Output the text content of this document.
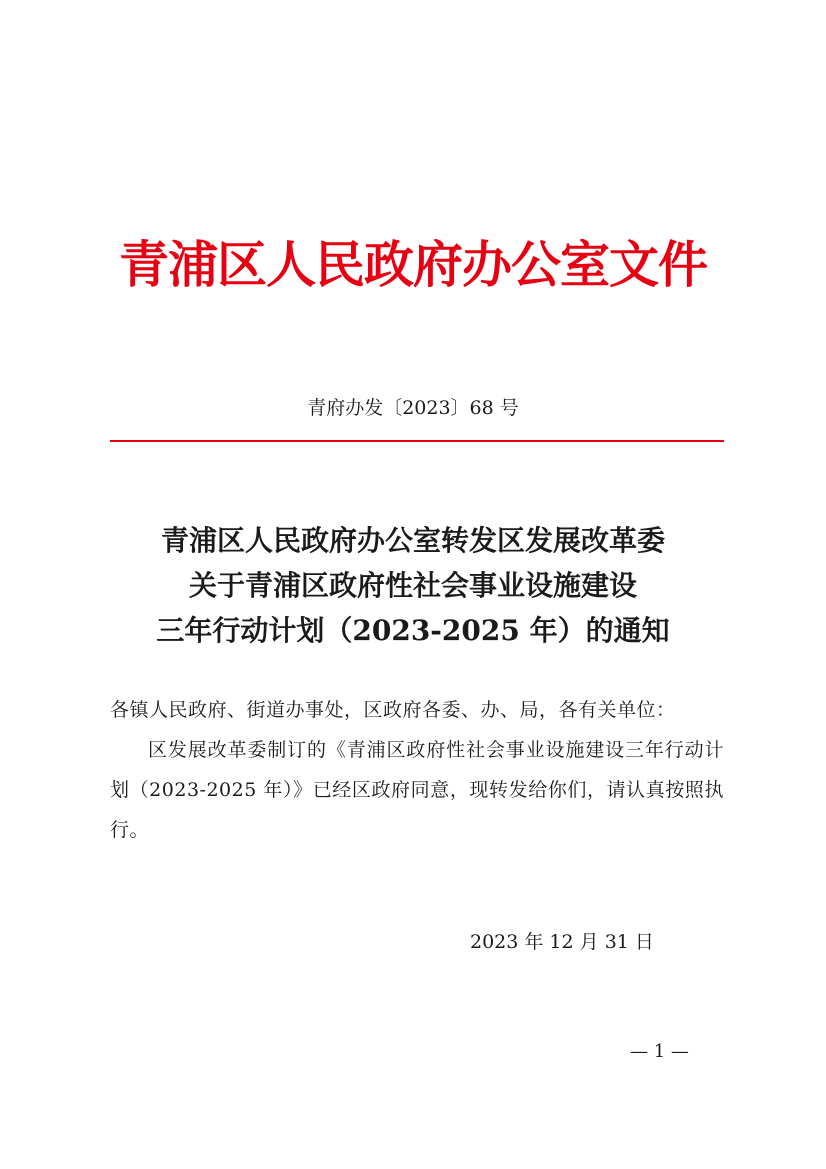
青浦区人民政府办公室文件
青府办发〔2023〕68 号
青浦区人民政府办公室转发区发展改革委
关于青浦区政府性社会事业设施建设
三年行动计划（2023-2025 年）的通知
各镇人民政府、街道办事处，区政府各委、办、局，各有关单位：
区发展改革委制订的《青浦区政府性社会事业设施建设三年行动计划（2023-2025 年）》已经区政府同意，现转发给你们，请认真按照执行。
2023 年 12 月 31 日
— 1 —
